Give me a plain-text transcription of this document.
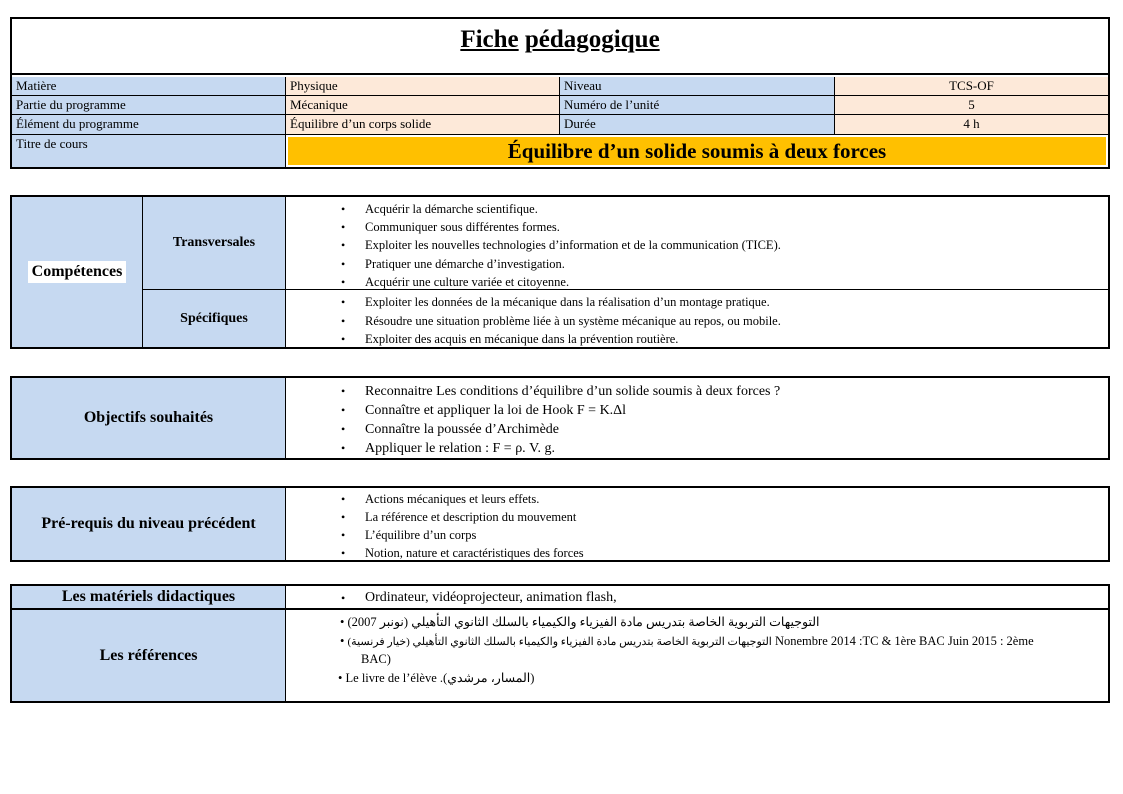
Fiche pédagogique
Matière	Physique	Niveau	TCS-OF
Partie du programme	Mécanique	Numéro de l’unité	5
Élément du programme	Équilibre d’un corps solide	Durée	4 h
Titre de cours	Équilibre d’un solide soumis à deux forces
Compétences
Transversales
Spécifiques
• Acquérir la démarche scientifique.
• Communiquer sous différentes formes.
• Exploiter les nouvelles technologies d’information et de la communication (TICE).
• Pratiquer une démarche d’investigation.
• Acquérir une culture variée et citoyenne.
• Exploiter les données de la mécanique dans la réalisation d’un montage pratique.
• Résoudre une situation problème liée à un système mécanique au repos, ou mobile.
• Exploiter des acquis en mécanique dans la prévention routière.
Objectifs souhaités
• Reconnaitre Les conditions d’équilibre d’un solide soumis à deux forces ?
• Connaître et appliquer la loi de Hook F = K.Δl
• Connaître la poussée d’Archimède
• Appliquer le relation : F = ρ. V. g.
Pré-requis du niveau précédent
• Actions mécaniques et leurs effets.
• La référence et description du mouvement
• L’équilibre d’un corps
• Notion, nature et caractéristiques des forces
Les matériels didactiques
•	Ordinateur, vidéoprojecteur, animation flash,
Les références
• (2007 نونبر) التوجيهات التربوية الخاصة بتدريس مادة الفيزياء والكيمياء بالسلك الثانوي التأهيلي
• التوجيهات التربوية الخاصة بتدريس مادة الفيزياء والكيمياء بالسلك الثانوي التأهيلي (خيار فرنسية) Nonembre 2014 :TC & 1ère BAC Juin 2015 : 2ème
BAC)
• Le livre de l’élève (المسار، مرشدي).
